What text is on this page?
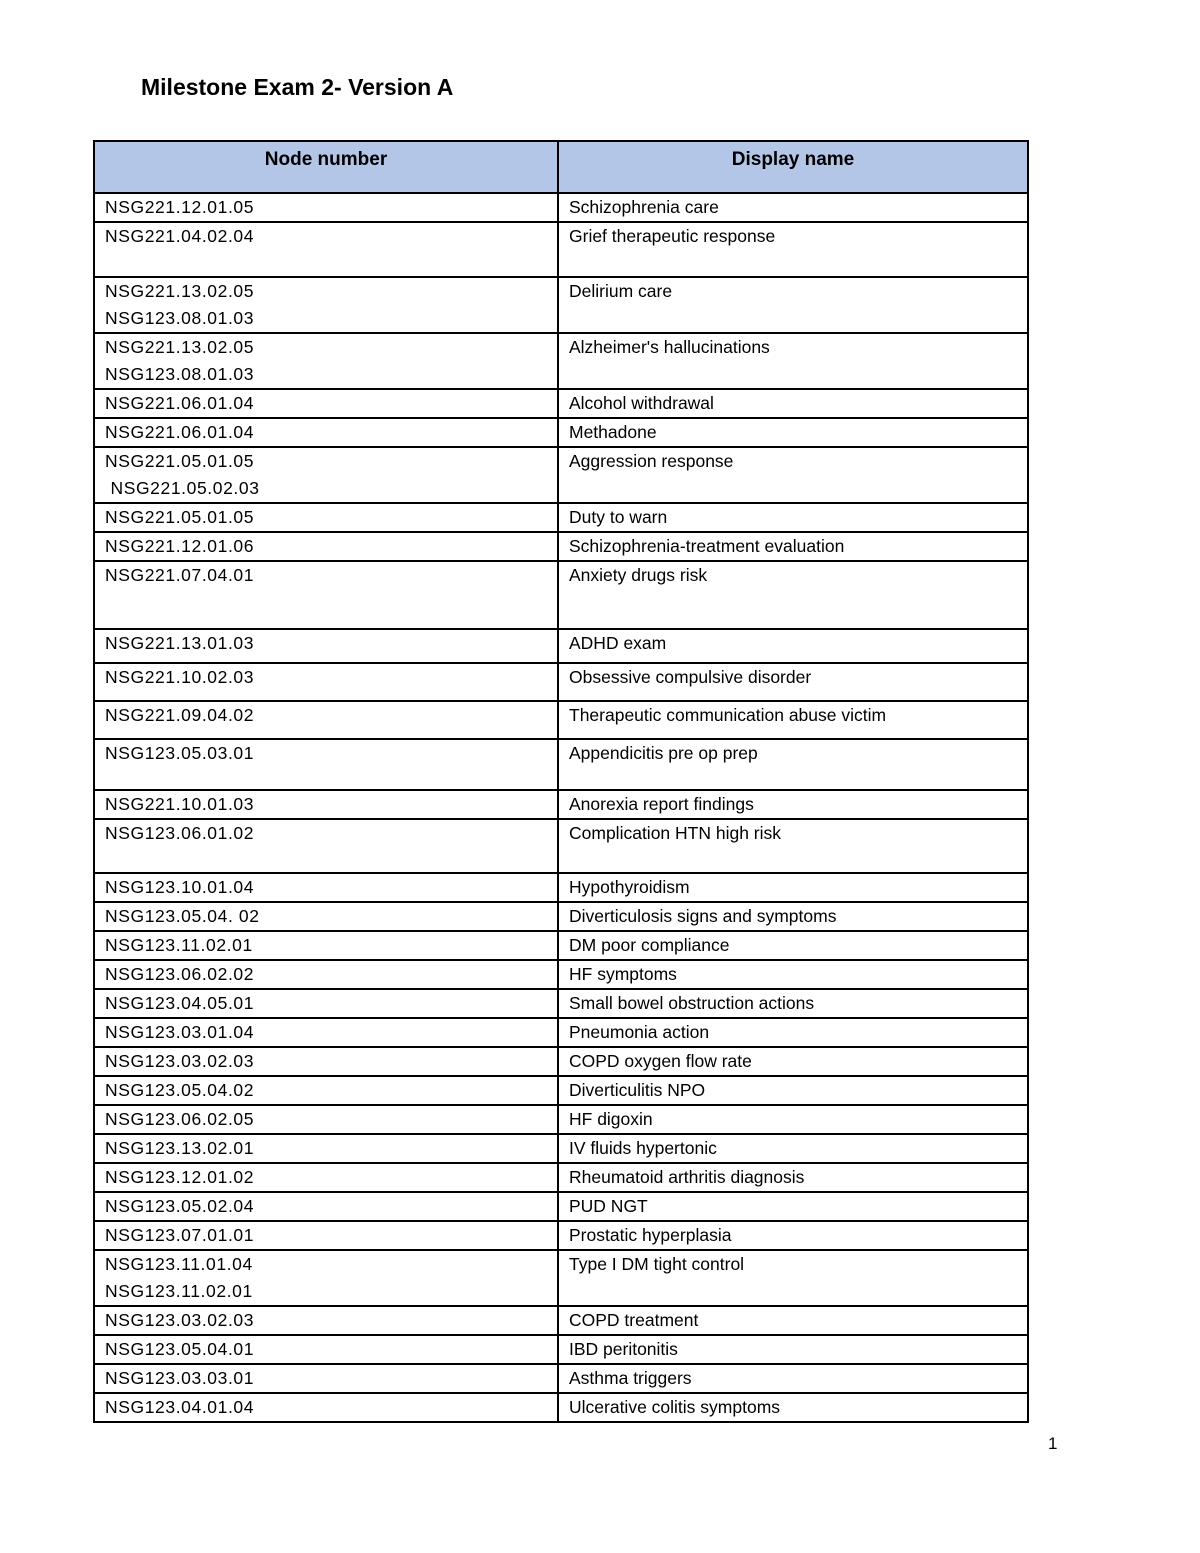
Milestone Exam 2- Version A
Node number	Display name

NSG221.12.01.05	Schizophrenia care

NSG221.04.02.04	Grief therapeutic response

NSG221.13.02.05
NSG123.08.01.03	Delirium care

NSG221.13.02.05
NSG123.08.01.03	Alzheimer's hallucinations

NSG221.06.01.04	Alcohol withdrawal

NSG221.06.01.04	Methadone

NSG221.05.01.05
NSG221.05.02.03	Aggression response

NSG221.05.01.05	Duty to warn

NSG221.12.01.06	Schizophrenia-treatment evaluation

NSG221.07.04.01	Anxiety drugs risk

NSG221.13.01.03	ADHD exam

NSG221.10.02.03	Obsessive compulsive disorder

NSG221.09.04.02	Therapeutic communication abuse victim

NSG123.05.03.01	Appendicitis pre op prep

NSG221.10.01.03	Anorexia report findings

NSG123.06.01.02	Complication HTN high risk

NSG123.10.01.04	Hypothyroidism

NSG123.05.04. 02	Diverticulosis signs and symptoms

NSG123.11.02.01	DM poor compliance

NSG123.06.02.02	HF symptoms

NSG123.04.05.01	Small bowel obstruction actions

NSG123.03.01.04	Pneumonia action

NSG123.03.02.03	COPD oxygen flow rate

NSG123.05.04.02	Diverticulitis NPO

NSG123.06.02.05	HF digoxin

NSG123.13.02.01	IV fluids hypertonic

NSG123.12.01.02	Rheumatoid arthritis diagnosis

NSG123.05.02.04	PUD NGT

NSG123.07.01.01	Prostatic hyperplasia

NSG123.11.01.04
NSG123.11.02.01	Type I DM tight control

NSG123.03.02.03	COPD treatment

NSG123.05.04.01	IBD peritonitis

NSG123.03.03.01	Asthma triggers

NSG123.04.01.04	Ulcerative colitis symptoms
1
